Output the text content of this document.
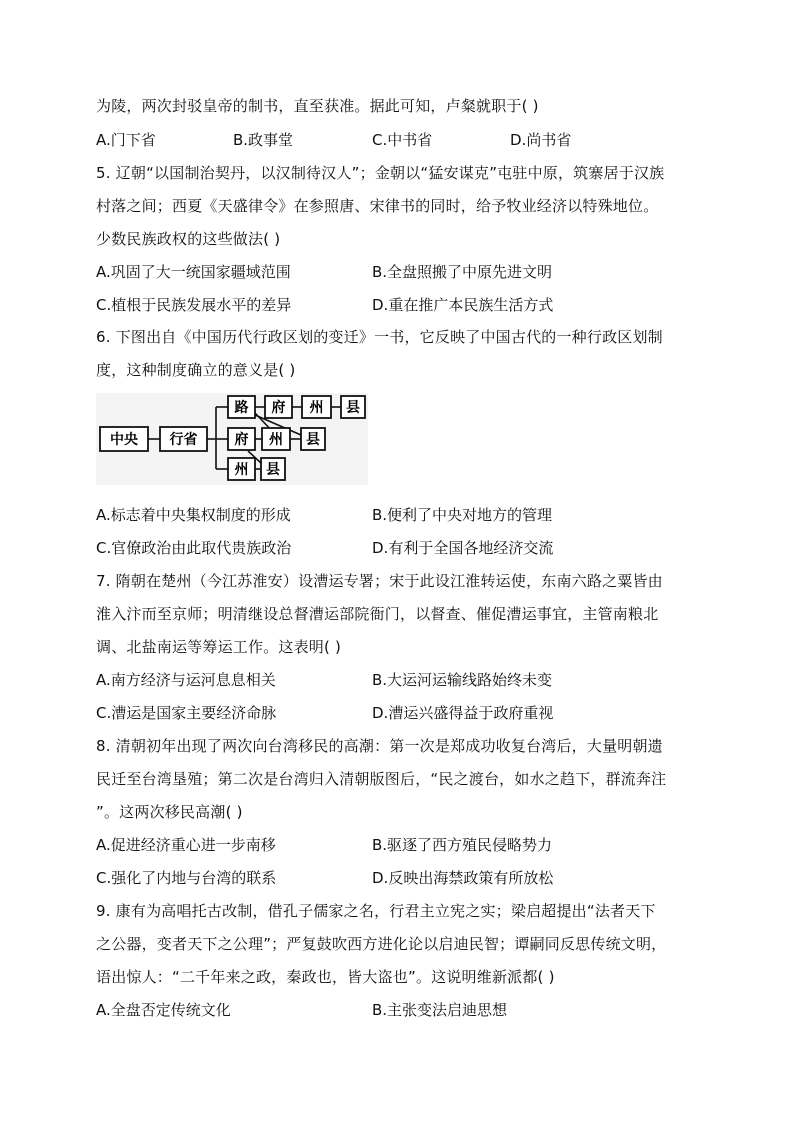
为陵，两次封驳皇帝的制书，直至获准。据此可知，卢粲就职于( )
A.门下省	B.政事堂	C.中书省	D.尚书省
5. 辽朝“以国制治契丹，以汉制待汉人”；金朝以“猛安谋克”屯驻中原，筑寨居于汉族
村落之间；西夏《天盛律令》在参照唐、宋律书的同时，给予牧业经济以特殊地位。
少数民族政权的这些做法( )
A.巩固了大一统国家疆域范围	B.全盘照搬了中原先进文明
C.植根于民族发展水平的差异	D.重在推广本民族生活方式
6. 下图出自《中国历代行政区划的变迁》一书，它反映了中国古代的一种行政区划制
度，这种制度确立的意义是( )
中央 行省
路 府 州 县
府 州 县
州 县
A.标志着中央集权制度的形成	B.便利了中央对地方的管理
C.官僚政治由此取代贵族政治	D.有利于全国各地经济交流
7. 隋朝在楚州（今江苏淮安）设漕运专署；宋于此设江淮转运使，东南六路之粟皆由
淮入汴而至京师；明清继设总督漕运部院衙门，以督查、催促漕运事宜，主管南粮北
调、北盐南运等筹运工作。这表明( )
A.南方经济与运河息息相关	B.大运河运输线路始终未变
C.漕运是国家主要经济命脉	D.漕运兴盛得益于政府重视
8. 清朝初年出现了两次向台湾移民的高潮：第一次是郑成功收复台湾后，大量明朝遗
民迁至台湾垦殖；第二次是台湾归入清朝版图后，“民之渡台，如水之趋下，群流奔注
”。这两次移民高潮( )
A.促进经济重心进一步南移	B.驱逐了西方殖民侵略势力
C.强化了内地与台湾的联系	D.反映出海禁政策有所放松
9. 康有为高唱托古改制，借孔子儒家之名，行君主立宪之实；梁启超提出“法者天下
之公器，变者天下之公理”；严复鼓吹西方进化论以启迪民智；谭嗣同反思传统文明，
语出惊人：“二千年来之政，秦政也，皆大盗也”。这说明维新派都( )
A.全盘否定传统文化	B.主张变法启迪思想
